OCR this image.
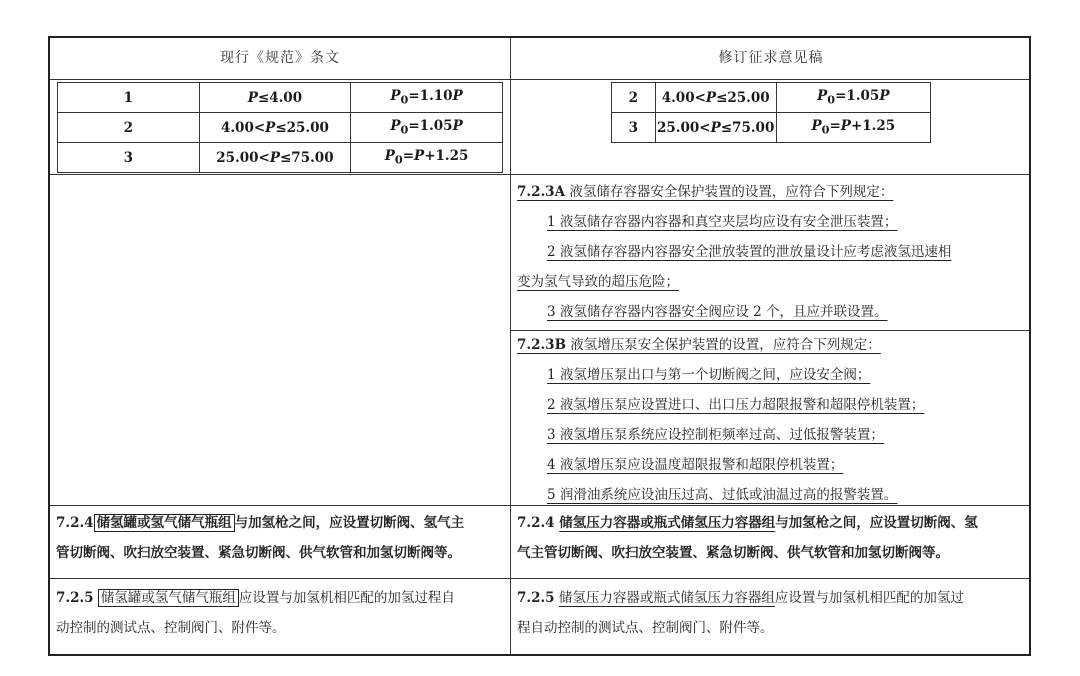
现行《规范》条文	修订征求意见稿
1	P≤4.00	$P_0=1.10P$
2	4.00<P≤25.00	$P_0=1.05P$
3	25.00<P≤75.00	$P_0=P+1.25$
2	4.00<P≤25.00	$P_0=1.05P$
3	25.00<P≤75.00	$P_0=P+1.25$
7.2.3A 液氢储存容器安全保护装置的设置，应符合下列规定：
1 液氢储存容器内容器和真空夹层均应设有安全泄压装置；
2 液氢储存容器内容器安全泄放装置的泄放量设计应考虑液氢迅速相
变为氢气导致的超压危险；
3 液氢储存容器内容器安全阀应设 2 个，且应并联设置。
7.2.3B 液氢增压泵安全保护装置的设置，应符合下列规定：
1 液氢增压泵出口与第一个切断阀之间，应设安全阀；
2 液氢增压泵应设置进口、出口压力超限报警和超限停机装置；
3 液氢增压泵系统应设控制柜频率过高、过低报警装置；
4 液氢增压泵应设温度超限报警和超限停机装置；
5 润滑油系统应设油压过高、过低或油温过高的报警装置。
7.2.4 储氢罐或氢气储气瓶组 与加氢枪之间，应设置切断阀、氢气主
管切断阀、吹扫放空装置、紧急切断阀、供气软管和加氢切断阀等。
7.2.4 储氢压力容器或瓶式储氢压力容器组与加氢枪之间，应设置切断阀、氢
气主管切断阀、吹扫放空装置、紧急切断阀、供气软管和加氢切断阀等。
7.2.5 储氢罐或氢气储气瓶组 应设置与加氢机相匹配的加氢过程自
动控制的测试点、控制阀门、附件等。
7.2.5 储氢压力容器或瓶式储氢压力容器组应设置与加氢机相匹配的加氢过
程自动控制的测试点、控制阀门、附件等。
